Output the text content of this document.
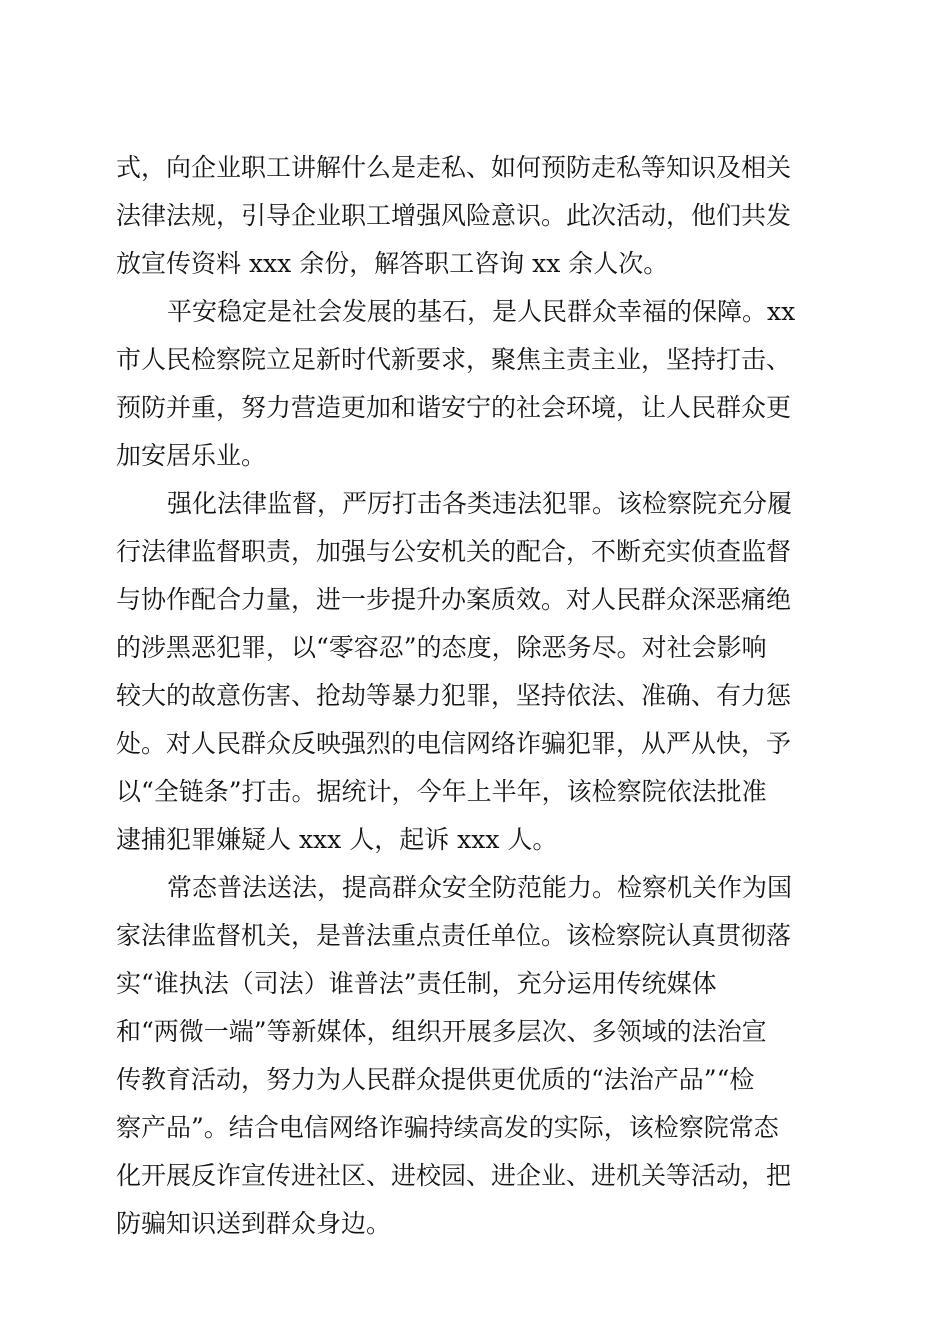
式，向企业职工讲解什么是走私、如何预防走私等知识及相关
法律法规，引导企业职工增强风险意识。此次活动，他们共发
放宣传资料 xxx 余份，解答职工咨询 xx 余人次。
平安稳定是社会发展的基石，是人民群众幸福的保障。xx
市人民检察院立足新时代新要求，聚焦主责主业，坚持打击、
预防并重，努力营造更加和谐安宁的社会环境，让人民群众更
加安居乐业。
强化法律监督，严厉打击各类违法犯罪。该检察院充分履
行法律监督职责，加强与公安机关的配合，不断充实侦查监督
与协作配合力量，进一步提升办案质效。对人民群众深恶痛绝
的涉黑恶犯罪，以“零容忍”的态度，除恶务尽。对社会影响
较大的故意伤害、抢劫等暴力犯罪，坚持依法、准确、有力惩
处。对人民群众反映强烈的电信网络诈骗犯罪，从严从快，予
以“全链条”打击。据统计，今年上半年，该检察院依法批准
逮捕犯罪嫌疑人 xxx 人，起诉 xxx 人。
常态普法送法，提高群众安全防范能力。检察机关作为国
家法律监督机关，是普法重点责任单位。该检察院认真贯彻落
实“谁执法（司法）谁普法”责任制，充分运用传统媒体
和“两微一端”等新媒体，组织开展多层次、多领域的法治宣
传教育活动，努力为人民群众提供更优质的“法治产品”“检
察产品”。结合电信网络诈骗持续高发的实际，该检察院常态
化开展反诈宣传进社区、进校园、进企业、进机关等活动，把
防骗知识送到群众身边。
